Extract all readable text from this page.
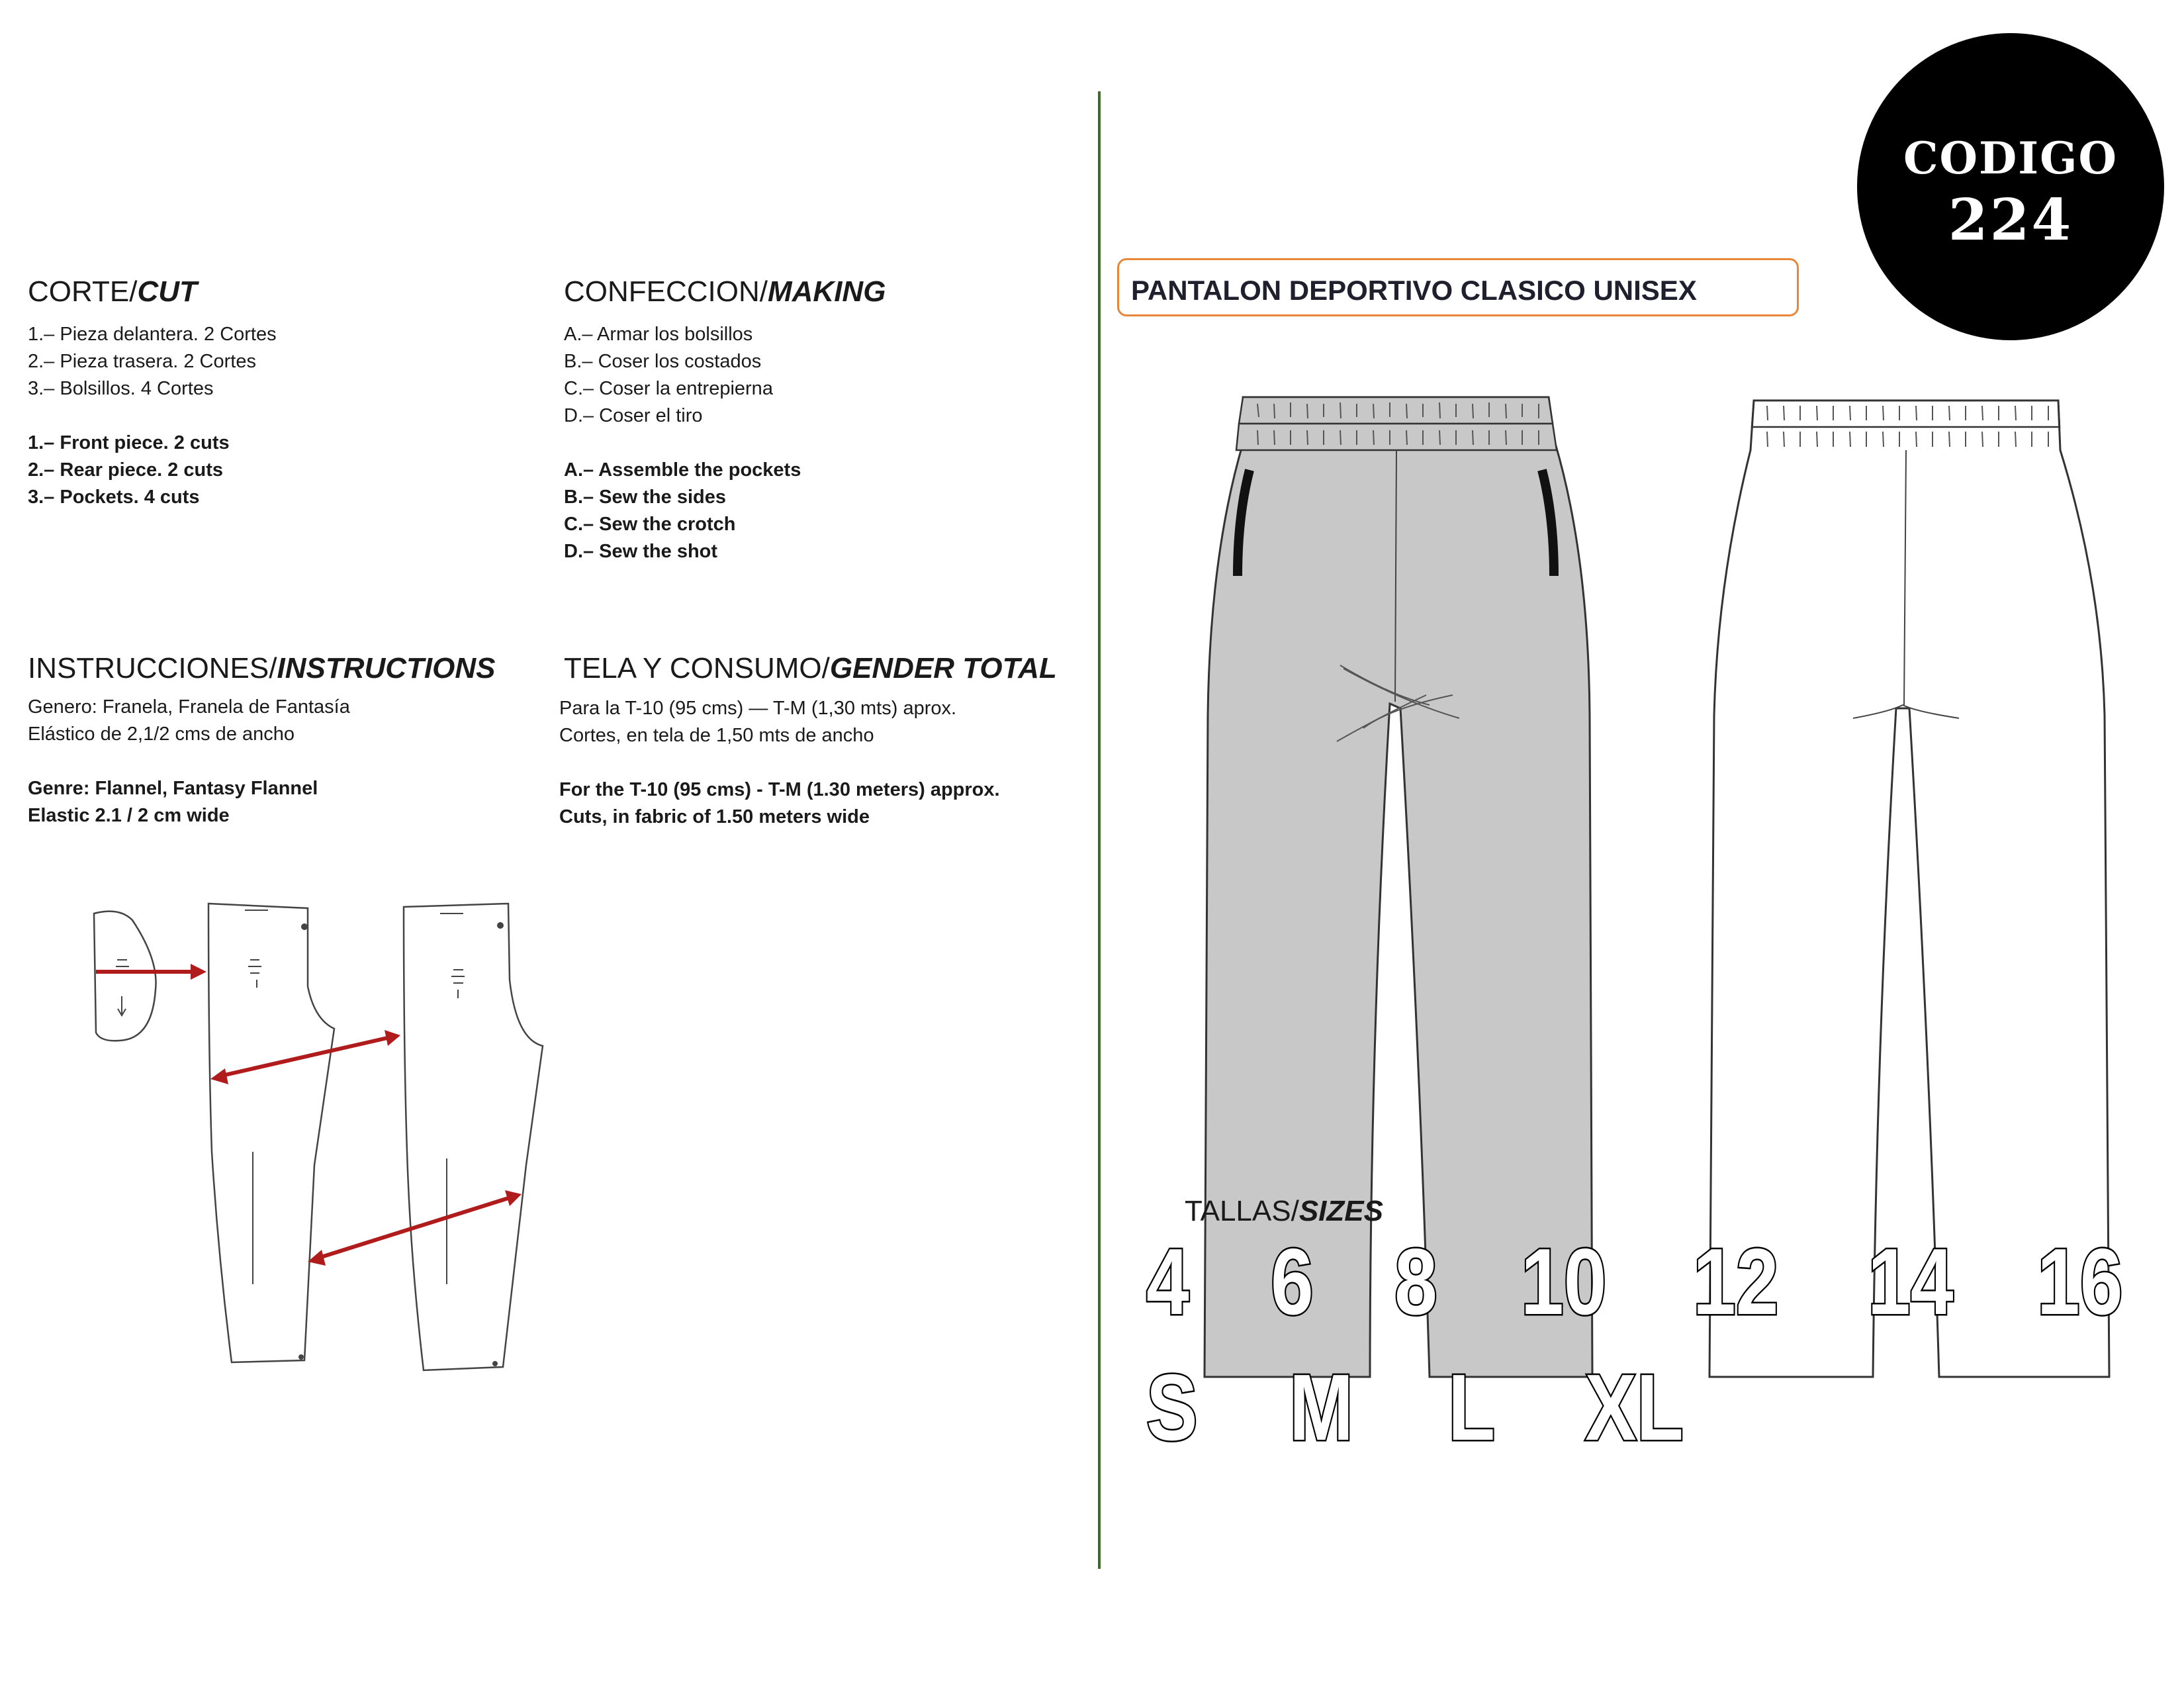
CORTE/CUT
1.– Pieza delantera. 2 Cortes
2.– Pieza trasera. 2 Cortes
3.– Bolsillos. 4 Cortes
1.– Front piece. 2 cuts
2.– Rear piece. 2 cuts
3.– Pockets. 4 cuts
CONFECCION/MAKING
A.– Armar los bolsillos
B.– Coser los costados
C.– Coser la entrepierna
D.– Coser el tiro
A.– Assemble the pockets
B.– Sew the sides
C.– Sew the crotch
D.– Sew the shot
INSTRUCCIONES/INSTRUCTIONS
Genero: Franela, Franela de Fantasía
Elástico de 2,1/2 cms de ancho
Genre: Flannel, Fantasy Flannel
Elastic 2.1 / 2 cm wide
TELA Y CONSUMO/GENDER TOTAL
Para la T-10 (95 cms) — T-M (1,30 mts) aprox.
Cortes, en tela de 1,50 mts de ancho
For the T-10 (95 cms) - T-M (1.30 meters) approx.
Cuts, in fabric of 1.50 meters wide
PANTALON DEPORTIVO CLASICO UNISEX
CODIGO
224
TALLAS/SIZES
4 6 8 10 12 14 16
S M L XL
